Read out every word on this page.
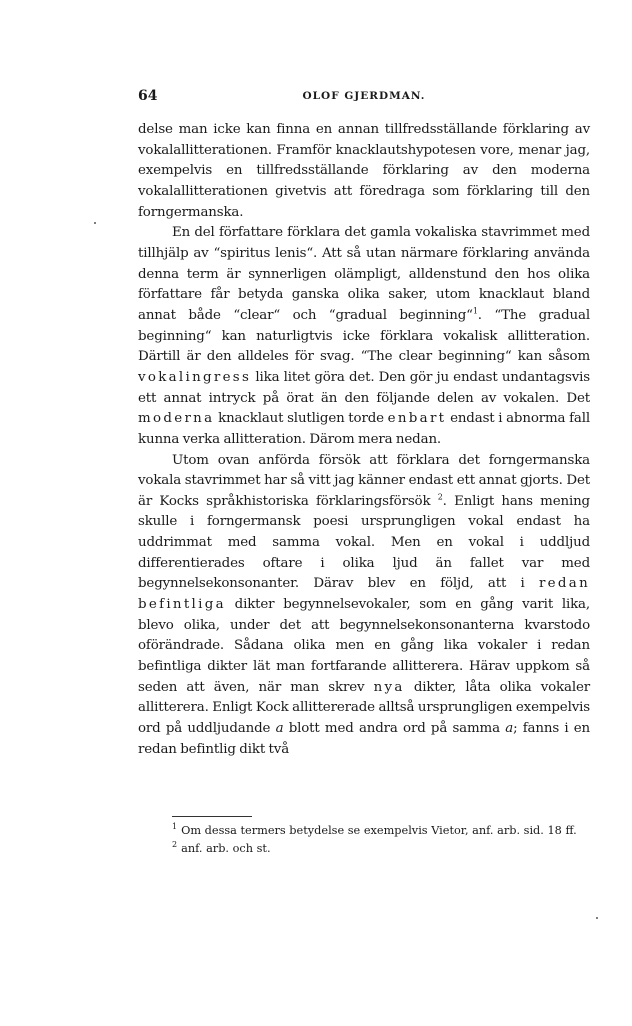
64	OLOF GJERDMAN.

delse man icke kan finna en annan tillfredsställande förklaring av vokalallitterationen. Framför knacklautshypotesen vore, menar jag, exempelvis en tillfredsställande förklaring av den moderna vokalallitterationen givetvis att föredraga som förklaring till den forngermanska.

En del författare förklara det gamla vokaliska stavrimmet med tillhjälp av “spiritus lenis“. Att så utan närmare förklaring använda denna term är synnerligen olämpligt, alldenstund den hos olika författare får betyda ganska olika saker, utom knacklaut bland annat både “clear“ och “gradual beginning“$^1$. “The gradual beginning“ kan naturligtvis icke förklara vokalisk allitteration. Därtill är den alldeles för svag. “The clear beginning“ kan såsom vokalingress lika litet göra det. Den gör ju endast undantagsvis ett annat intryck på örat än den följande delen av vokalen. Det moderna knacklaut slutligen torde enbart endast i abnorma fall kunna verka allitteration. Därom mera nedan.

Utom ovan anförda försök att förklara det forngermanska vokala stavrimmet har så vitt jag känner endast ett annat gjorts. Det är Kocks språkhistoriska förklaringsförsök $^2$. Enligt hans mening skulle i forngermansk poesi ursprungligen vokal endast ha uddrimmat med samma vokal. Men en vokal i uddljud differentierades oftare i olika ljud än fallet var med begynnelsekonsonanter. Därav blev en följd, att i redan befintliga dikter begynnelsevokaler, som en gång varit lika, blevo olika, under det att begynnelsekonsonanterna kvarstodo oförändrade. Sådana olika men en gång lika vokaler i redan befintliga dikter lät man fortfarande allitterera. Härav uppkom så seden att även, när man skrev nya dikter, låta olika vokaler allitterera. Enligt Kock allittererade alltså ursprungligen exempelvis ord på uddljudande a blott med andra ord på samma a; fanns i en redan befintlig dikt två

$^1$ Om dessa termers betydelse se exempelvis Vietor, anf. arb. sid. 18 ff.

$^2$ anf. arb. och st.
